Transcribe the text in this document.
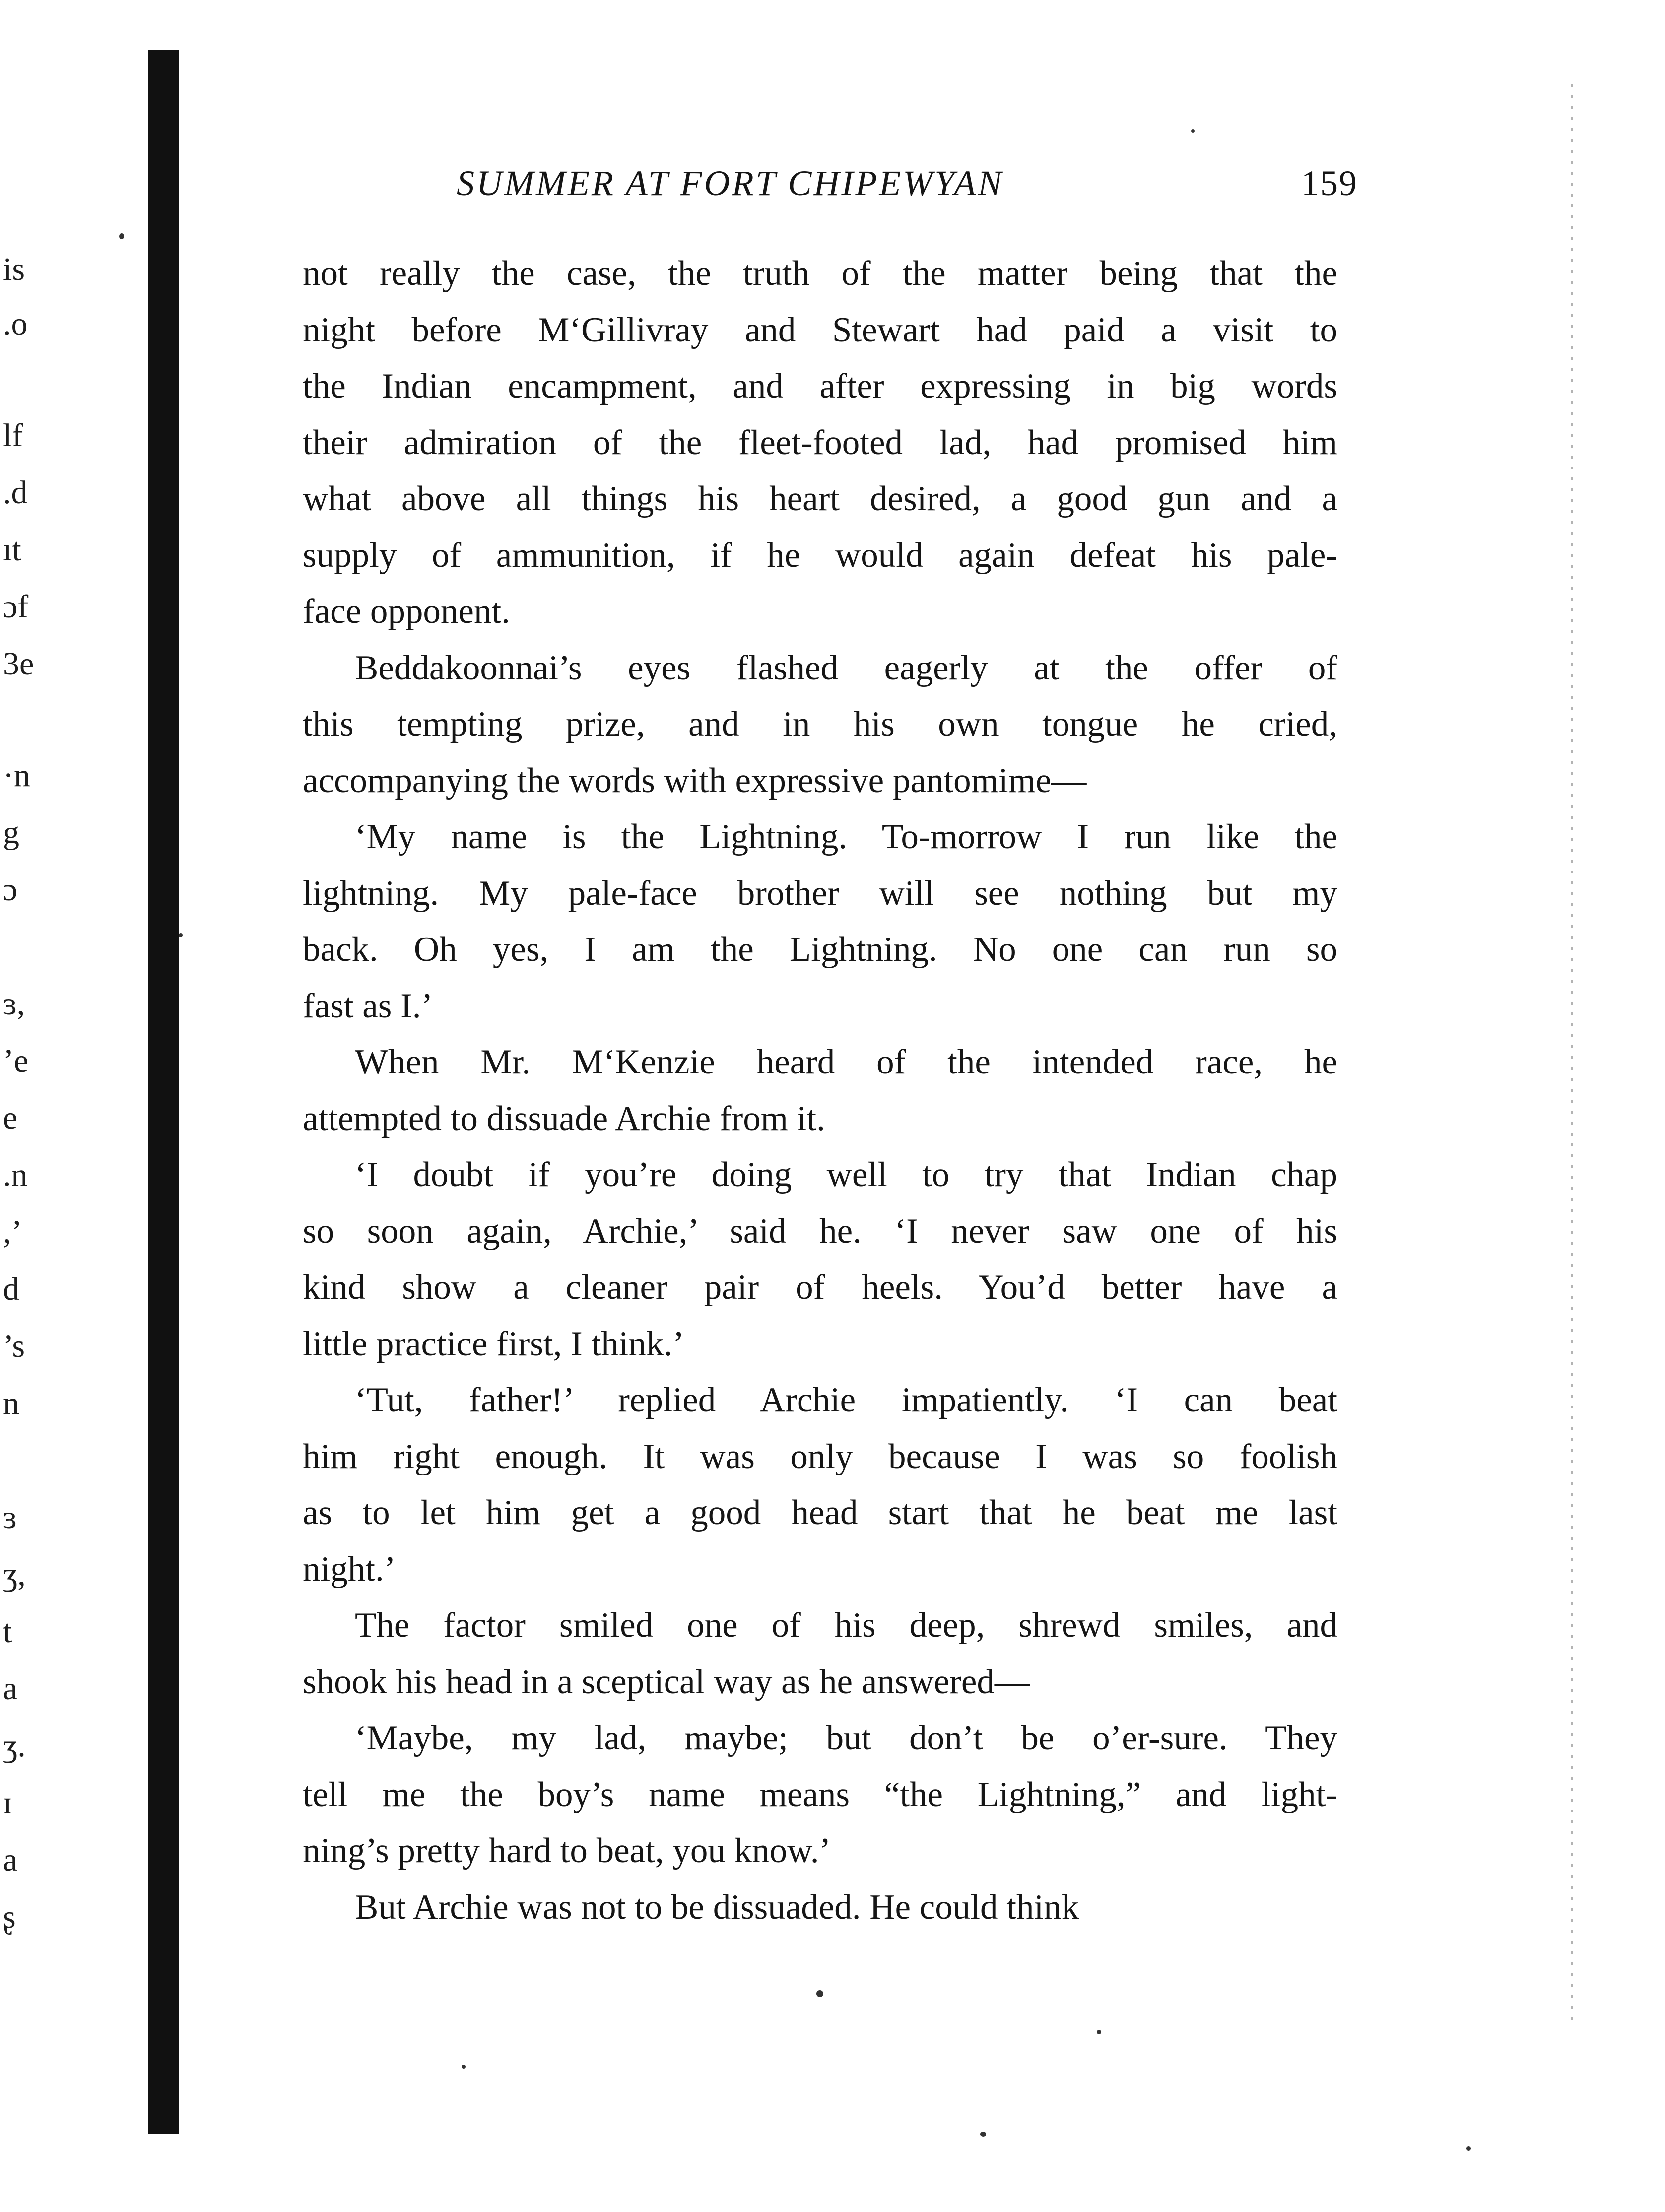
is
.o
lf
.d
ıt
ɔf
3e
·n
g
ɔ
ɜ,
’e
e
.n
,’
d
’s
n
ɜ
ʒ,
t
a
ʒ.
ɪ
a
ʂ
SUMMER AT FORT CHIPEWYAN	159
not really the case, the truth of the matter being that the
night before M‘Gillivray and Stewart had paid a visit to
the Indian encampment, and after expressing in big words
their admiration of the fleet-footed lad, had promised him
what above all things his heart desired, a good gun and a
supply of ammunition, if he would again defeat his pale-
face opponent.
Beddakoonnai’s eyes flashed eagerly at the offer of
this tempting prize, and in his own tongue he cried,
accompanying the words with expressive pantomime—
‘My name is the Lightning. To-morrow I run like the
lightning. My pale-face brother will see nothing but my
back. Oh yes, I am the Lightning. No one can run so
fast as I.’
When Mr. M‘Kenzie heard of the intended race, he
attempted to dissuade Archie from it.
‘I doubt if you’re doing well to try that Indian chap
so soon again, Archie,’ said he. ‘I never saw one of his
kind show a cleaner pair of heels. You’d better have a
little practice first, I think.’
‘Tut, father!’ replied Archie impatiently. ‘I can beat
him right enough. It was only because I was so foolish
as to let him get a good head start that he beat me last
night.’
The factor smiled one of his deep, shrewd smiles, and
shook his head in a sceptical way as he answered—
‘Maybe, my lad, maybe; but don’t be o’er-sure. They
tell me the boy’s name means “the Lightning,” and light-
ning’s pretty hard to beat, you know.’
But Archie was not to be dissuaded. He could think
